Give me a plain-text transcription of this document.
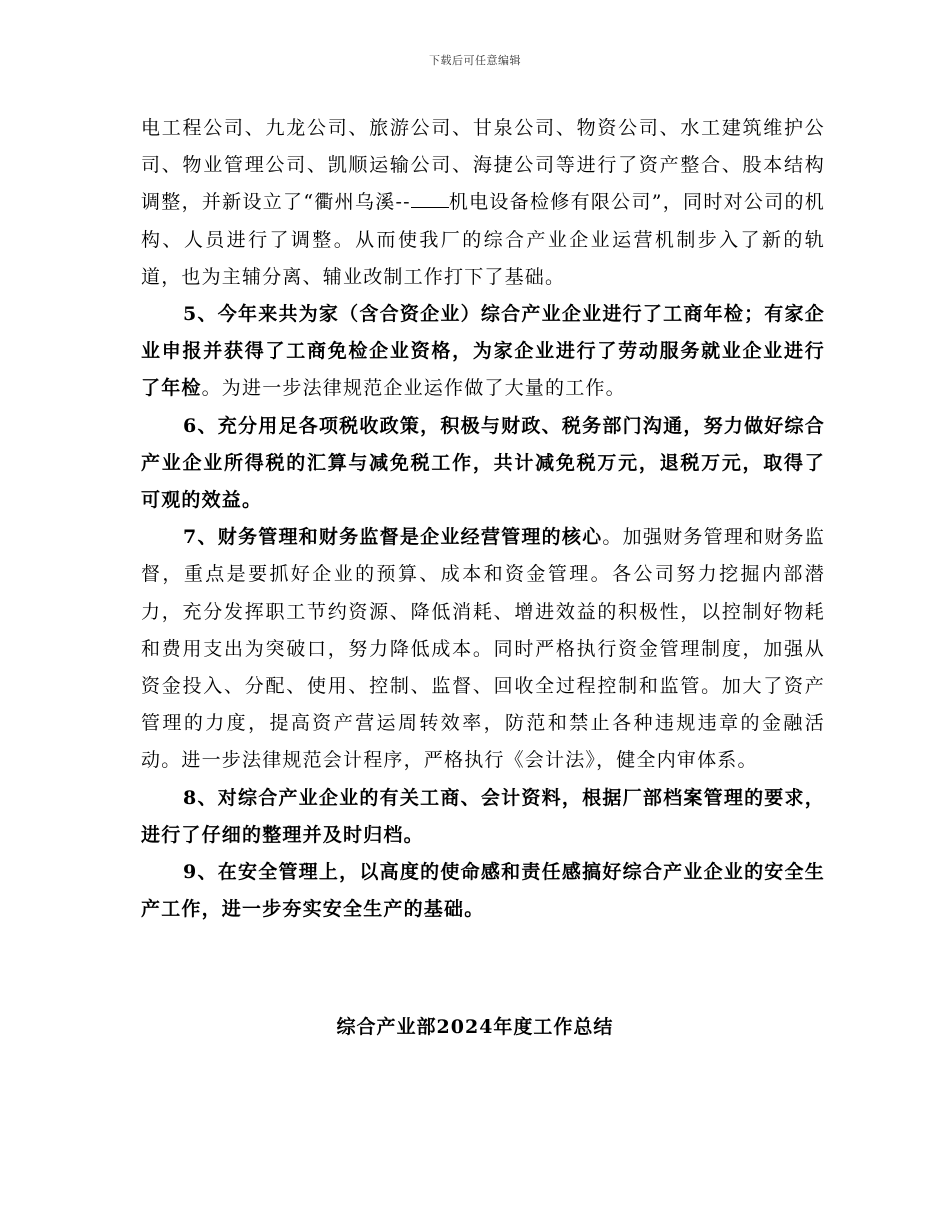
下载后可任意编辑

电工程公司、九龙公司、旅游公司、甘泉公司、物资公司、水工建筑维护公司、物业管理公司、凯顺运输公司、海捷公司等进行了资产整合、股本结构调整，并新设立了“衢州乌溪-- 机电设备检修有限公司”，同时对公司的机构、人员进行了调整。从而使我厂的综合产业企业运营机制步入了新的轨道，也为主辅分离、辅业改制工作打下了基础。

5、今年来共为家（含合资企业）综合产业企业进行了工商年检；有家企业申报并获得了工商免检企业资格，为家企业进行了劳动服务就业企业进行了年检。为进一步法律规范企业运作做了大量的工作。

6、充分用足各项税收政策，积极与财政、税务部门沟通，努力做好综合产业企业所得税的汇算与减免税工作，共计减免税万元，退税万元，取得了可观的效益。

7、财务管理和财务监督是企业经营管理的核心。加强财务管理和财务监督，重点是要抓好企业的预算、成本和资金管理。各公司努力挖掘内部潜力，充分发挥职工节约资源、降低消耗、增进效益的积极性，以控制好物耗和费用支出为突破口，努力降低成本。同时严格执行资金管理制度，加强从资金投入、分配、使用、控制、监督、回收全过程控制和监管。加大了资产管理的力度，提高资产营运周转效率，防范和禁止各种违规违章的金融活动。进一步法律规范会计程序，严格执行《会计法》，健全内审体系。

8、对综合产业企业的有关工商、会计资料，根据厂部档案管理的要求，进行了仔细的整理并及时归档。

9、在安全管理上，以高度的使命感和责任感搞好综合产业企业的安全生产工作，进一步夯实安全生产的基础。

综合产业部2024年度工作总结
